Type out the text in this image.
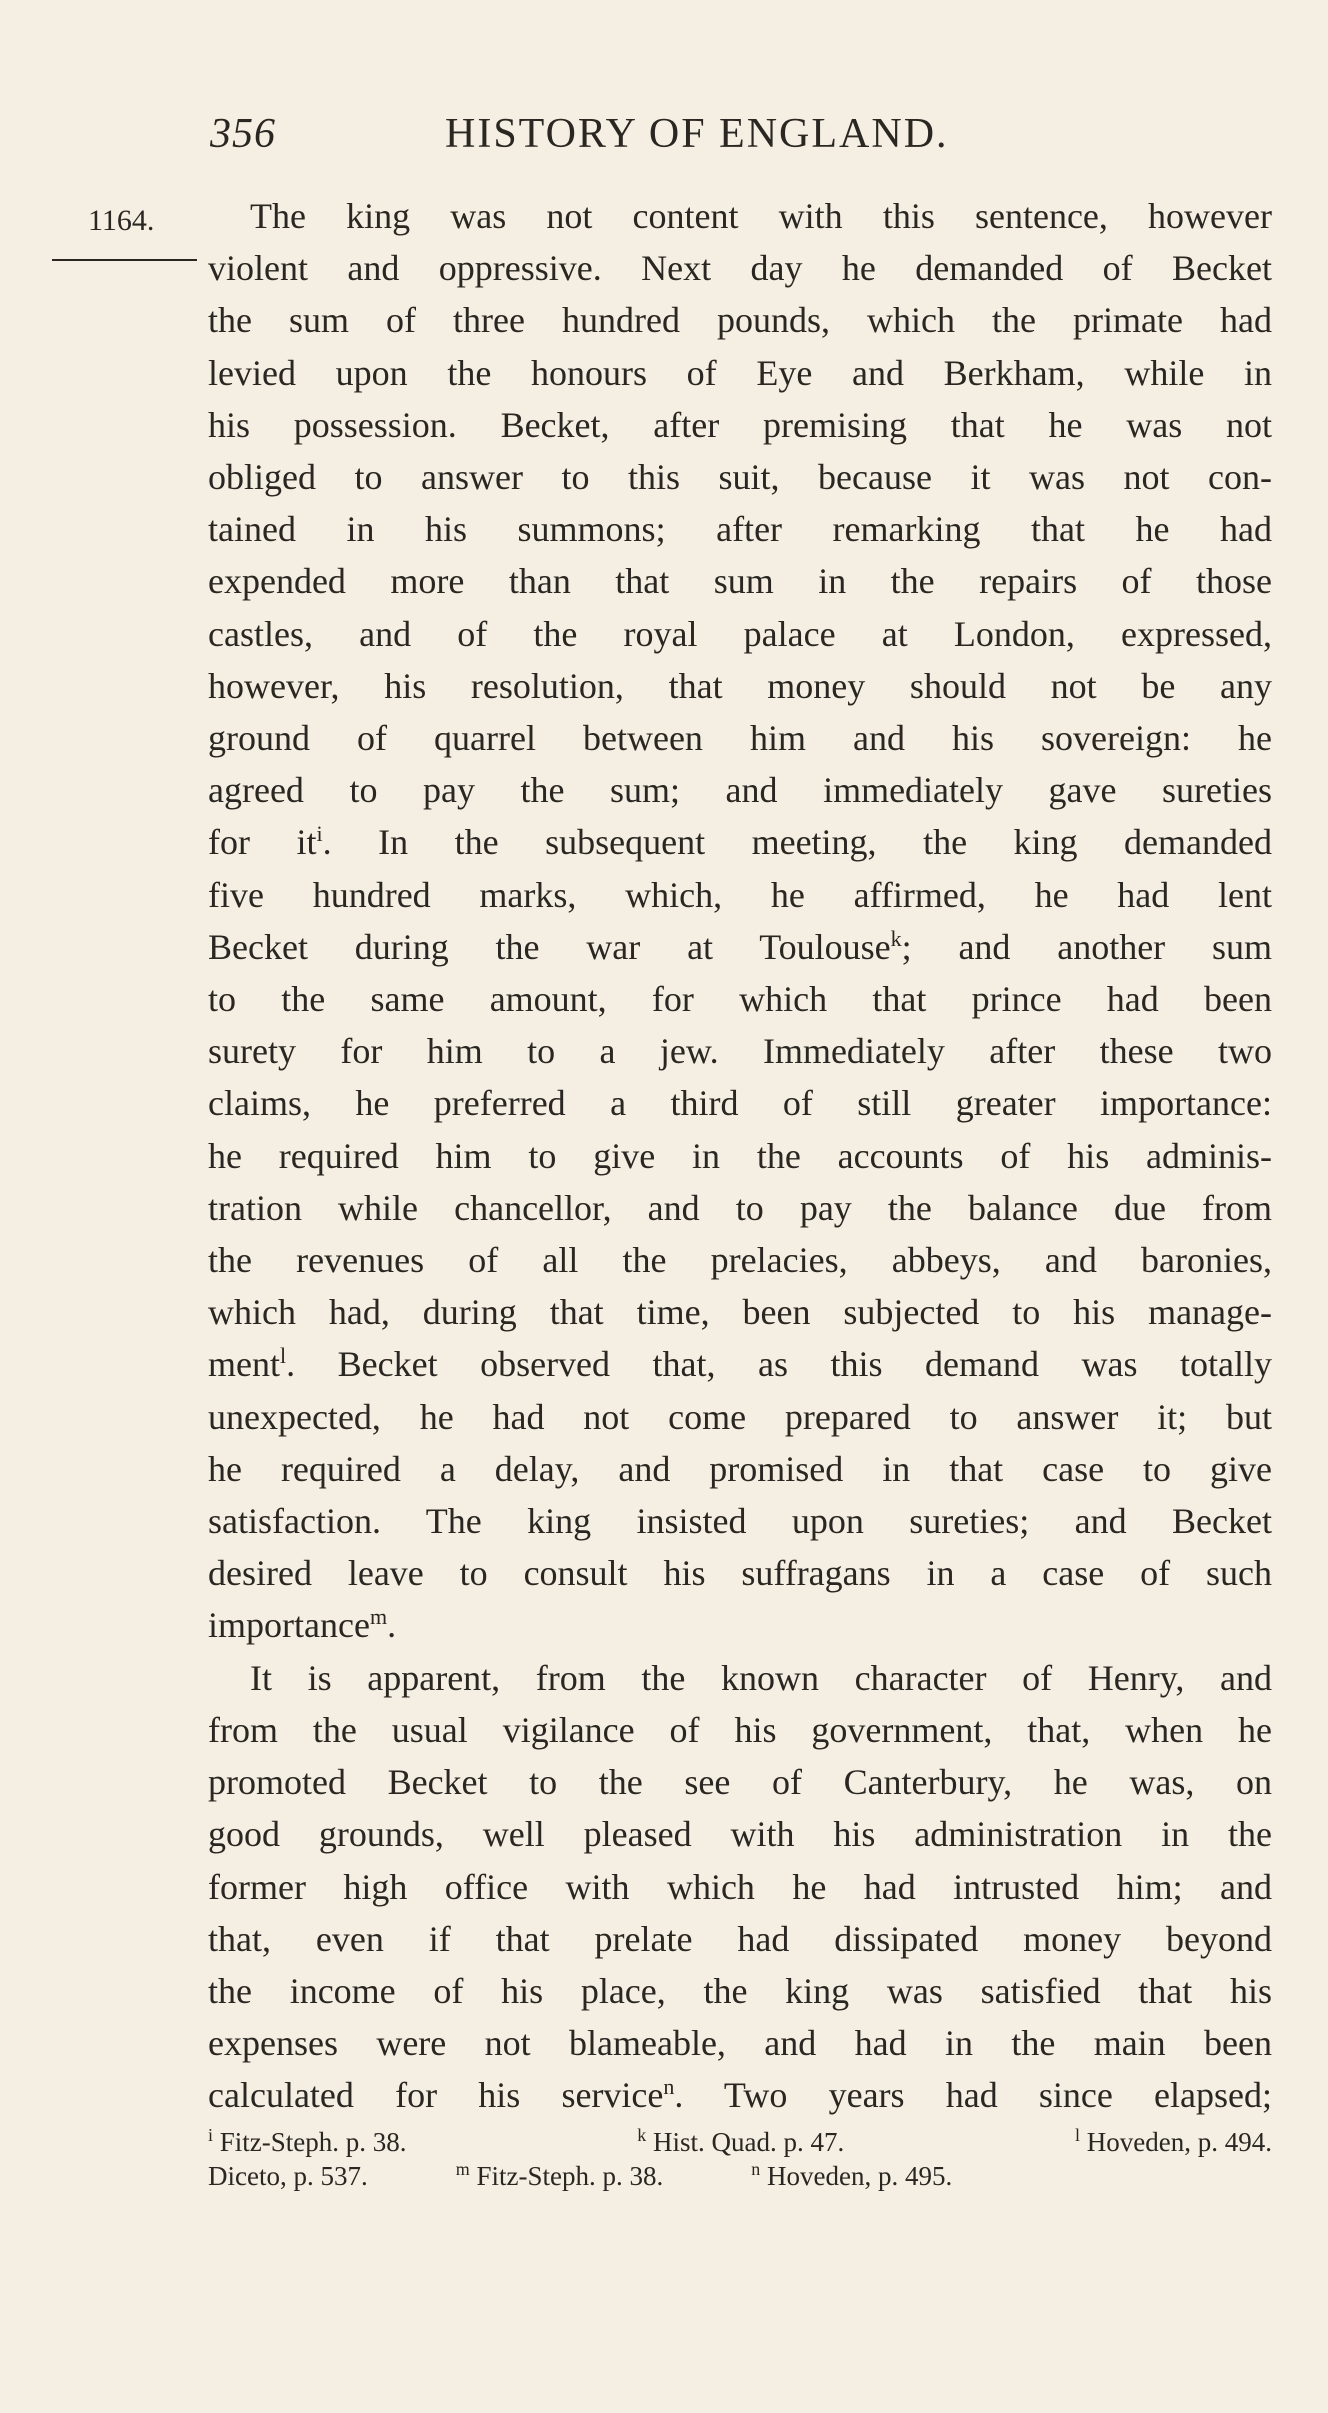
356	HISTORY OF ENGLAND.
1164.	The king was not content with this sentence, however
violent and oppressive. Next day he demanded of Becket
the sum of three hundred pounds, which the primate had
levied upon the honours of Eye and Berkham, while in
his possession. Becket, after premising that he was not
obliged to answer to this suit, because it was not con-
tained in his summons; after remarking that he had
expended more than that sum in the repairs of those
castles, and of the royal palace at London, expressed,
however, his resolution, that money should not be any
ground of quarrel between him and his sovereign: he
agreed to pay the sum; and immediately gave sureties
for $it^i$. In the subsequent meeting, the king demanded
five hundred marks, which, he affirmed, he had lent
Becket during the war at Toulouse$^k$; and another sum
to the same amount, for which that prince had been
surety for him to a jew. Immediately after these two
claims, he preferred a third of still greater importance:
he required him to give in the accounts of his adminis-
tration while chancellor, and to pay the balance due from
the revenues of all the prelacies, abbeys, and baronies,
which had, during that time, been subjected to his manage-
ment$^l$. Becket observed that, as this demand was totally
unexpected, he had not come prepared to answer it; but
he required a delay, and promised in that case to give
satisfaction. The king insisted upon sureties; and Becket
desired leave to consult his suffragans in a case of such
importance$^m$.

It is apparent, from the known character of Henry, and
from the usual vigilance of his government, that, when he
promoted Becket to the see of Canterbury, he was, on
good grounds, well pleased with his administration in the
former high office with which he had intrusted him; and
that, even if that prelate had dissipated money beyond
the income of his place, the king was satisfied that his
expenses were not blameable, and had in the main been
calculated for his service$^n$. Two years had since elapsed;

$^i$ Fitz-Steph. p. 38.	$^k$ Hist. Quad. p. 47.	$^l$ Hoveden, p. 494.
Diceto, p. 537.	$^m$ Fitz-Steph. p. 38.	$^n$ Hoveden, p. 495.
